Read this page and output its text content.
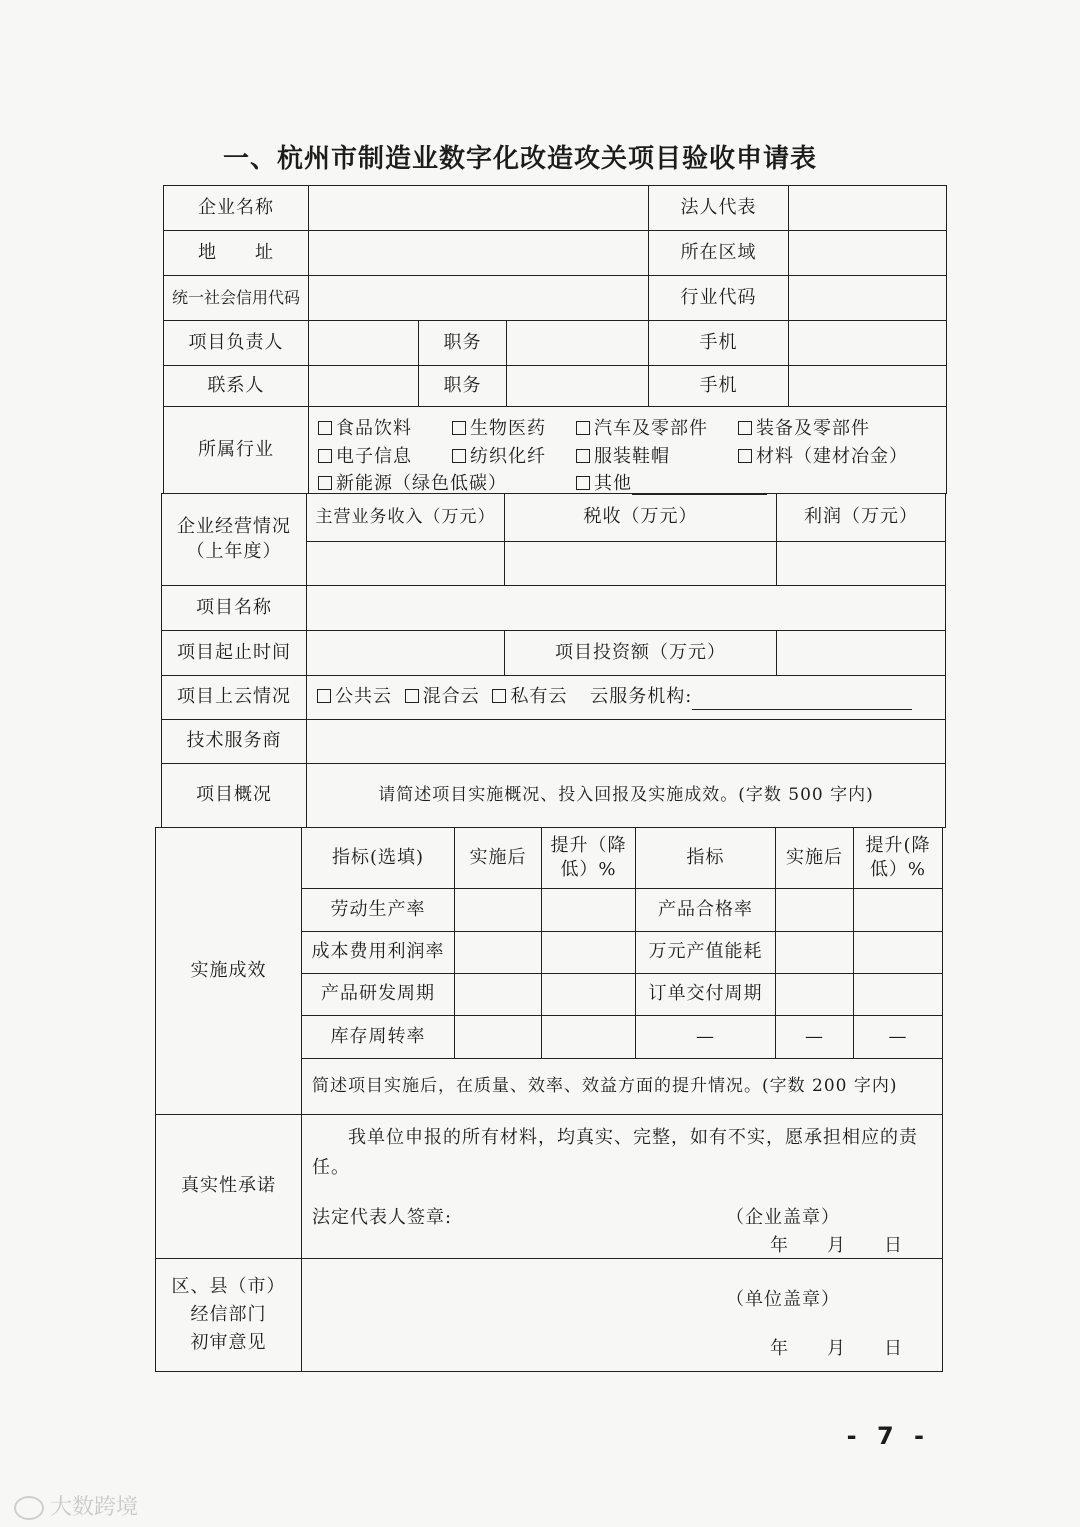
一、杭州市制造业数字化改造攻关项目验收申请表
企业名称				法人代表	
地　　址				所在区域	
统一社会信用代码				行业代码	
项目负责人		职务		手机	
联系人		职务		手机	
所属行业	
食品饮料	生物医药	汽车及零部件	装备及零部件
电子信息	纺织化纤	服装鞋帽	材料（建材冶金）
新能源（绿色低碳）	其他
企业经营情况
（上年度）	主营业务收入（万元）	税收（万元）	利润（万元）

项目名称			
项目起止时间		项目投资额（万元）	
项目上云情况	公共云 混合云 私有云 云服务机构:		
技术服务商			
项目概况	请简述项目实施概况、投入回报及实施成效。(字数 500 字内)		
实施成效	指标(选填)	实施后	提升（降低）%	指标	实施后	提升(降低）%
	劳动生产率			产品合格率		
	成本费用利润率			万元产值能耗		
	产品研发周期			订单交付周期		
	库存周转率			—	—	—
	简述项目实施后，在质量、效率、效益方面的提升情况。(字数 200 字内)					
真实性承诺	我单位申报的所有材料，均真实、完整，如有不实，愿承担相应的责任。					

区、县（市）
经信部门
初审意见						

法定代表人签章:	（企业盖章）
年　　月　　日
（单位盖章）
年　　月　　日
- 7 -
大数跨境
